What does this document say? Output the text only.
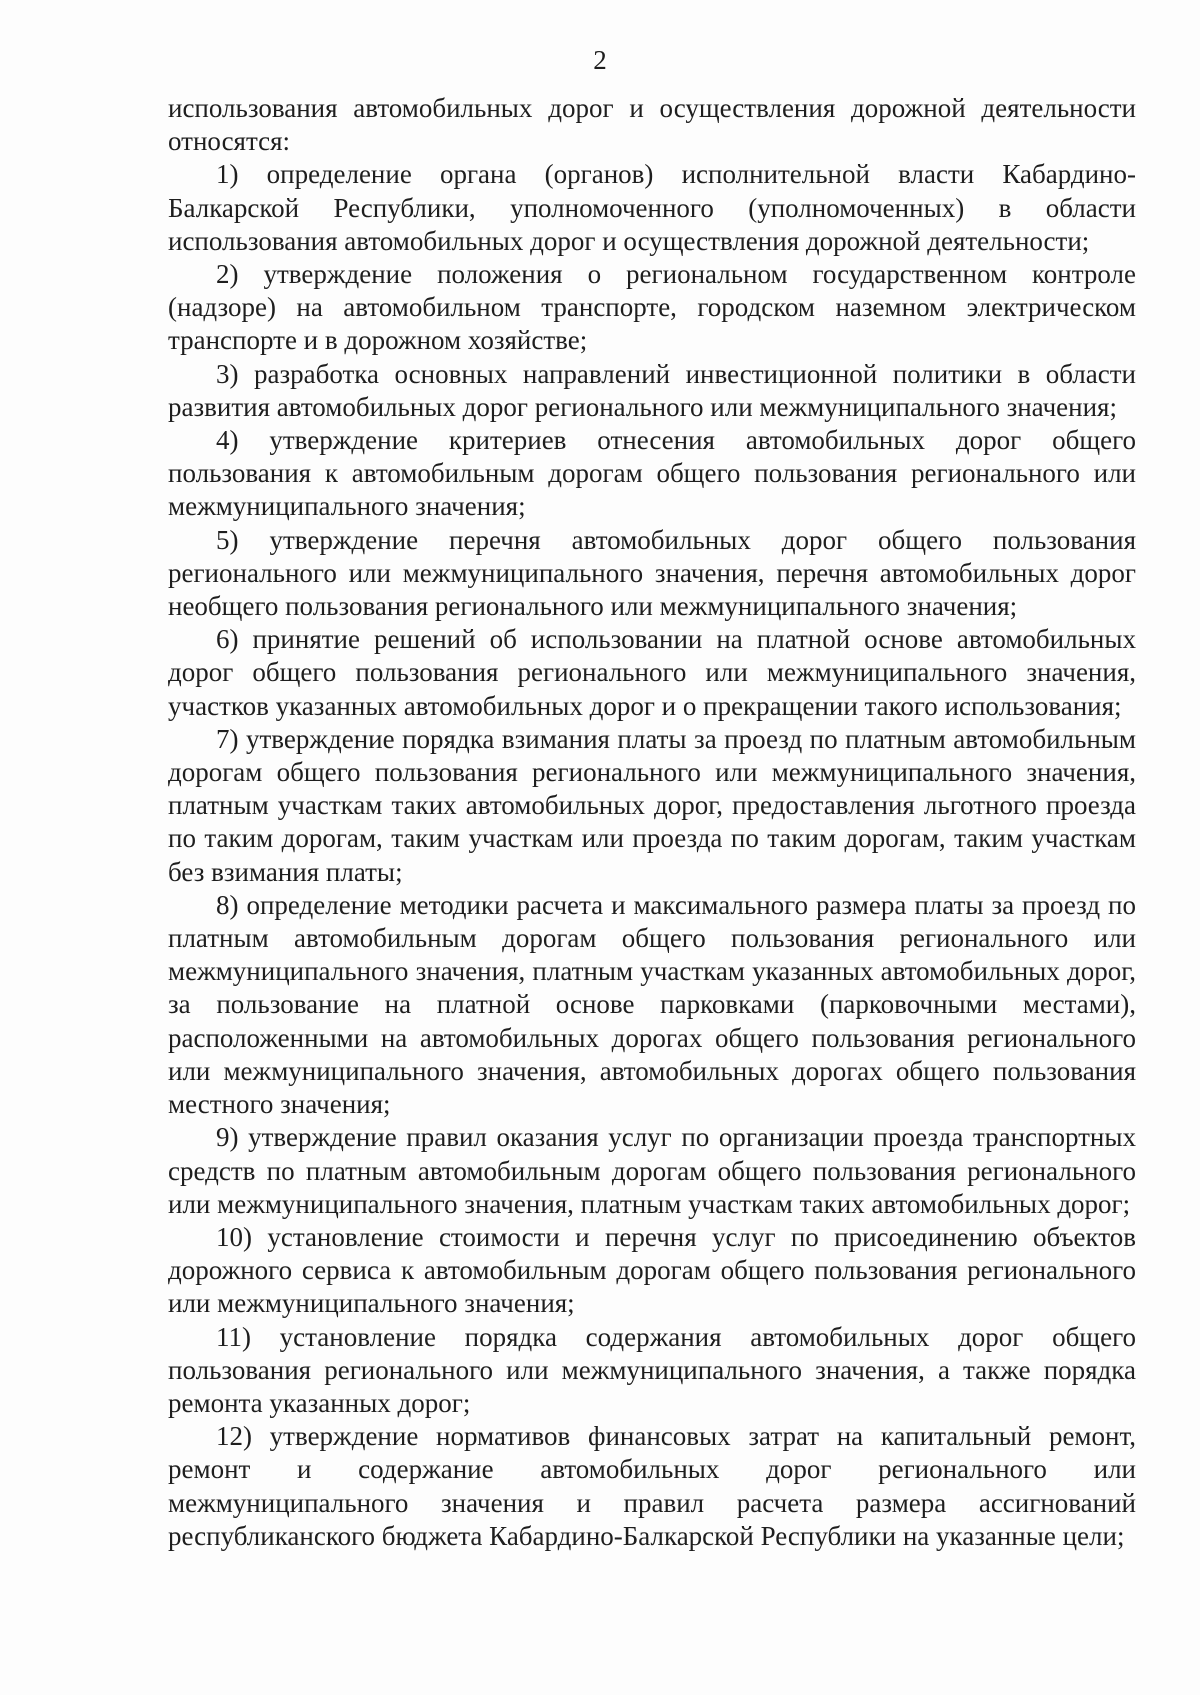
2

использования автомобильных дорог и осуществления дорожной деятельности относятся:

1) определение органа (органов) исполнительной власти Кабардино-Балкарской Республики, уполномоченного (уполномоченных) в области использования автомобильных дорог и осуществления дорожной деятельности;

2) утверждение положения о региональном государственном контроле (надзоре) на автомобильном транспорте, городском наземном электрическом транспорте и в дорожном хозяйстве;

3) разработка основных направлений инвестиционной политики в области развития автомобильных дорог регионального или межмуниципального значения;

4) утверждение критериев отнесения автомобильных дорог общего пользования к автомобильным дорогам общего пользования регионального или межмуниципального значения;

5) утверждение перечня автомобильных дорог общего пользования регионального или межмуниципального значения, перечня автомобильных дорог необщего пользования регионального или межмуниципального значения;

6) принятие решений об использовании на платной основе автомобильных дорог общего пользования регионального или межмуниципального значения, участков указанных автомобильных дорог и о прекращении такого использования;

7) утверждение порядка взимания платы за проезд по платным автомобильным дорогам общего пользования регионального или межмуниципального значения, платным участкам таких автомобильных дорог, предоставления льготного проезда по таким дорогам, таким участкам или проезда по таким дорогам, таким участкам без взимания платы;

8) определение методики расчета и максимального размера платы за проезд по платным автомобильным дорогам общего пользования регионального или межмуниципального значения, платным участкам указанных автомобильных дорог, за пользование на платной основе парковками (парковочными местами), расположенными на автомобильных дорогах общего пользования регионального или межмуниципального значения, автомобильных дорогах общего пользования местного значения;

9) утверждение правил оказания услуг по организации проезда транспортных средств по платным автомобильным дорогам общего пользования регионального или межмуниципального значения, платным участкам таких автомобильных дорог;

10) установление стоимости и перечня услуг по присоединению объектов дорожного сервиса к автомобильным дорогам общего пользования регионального или межмуниципального значения;

11) установление порядка содержания автомобильных дорог общего пользования регионального или межмуниципального значения, а также порядка ремонта указанных дорог;

12) утверждение нормативов финансовых затрат на капитальный ремонт, ремонт и содержание автомобильных дорог регионального или межмуниципального значения и правил расчета размера ассигнований республиканского бюджета Кабардино-Балкарской Республики на указанные цели;
